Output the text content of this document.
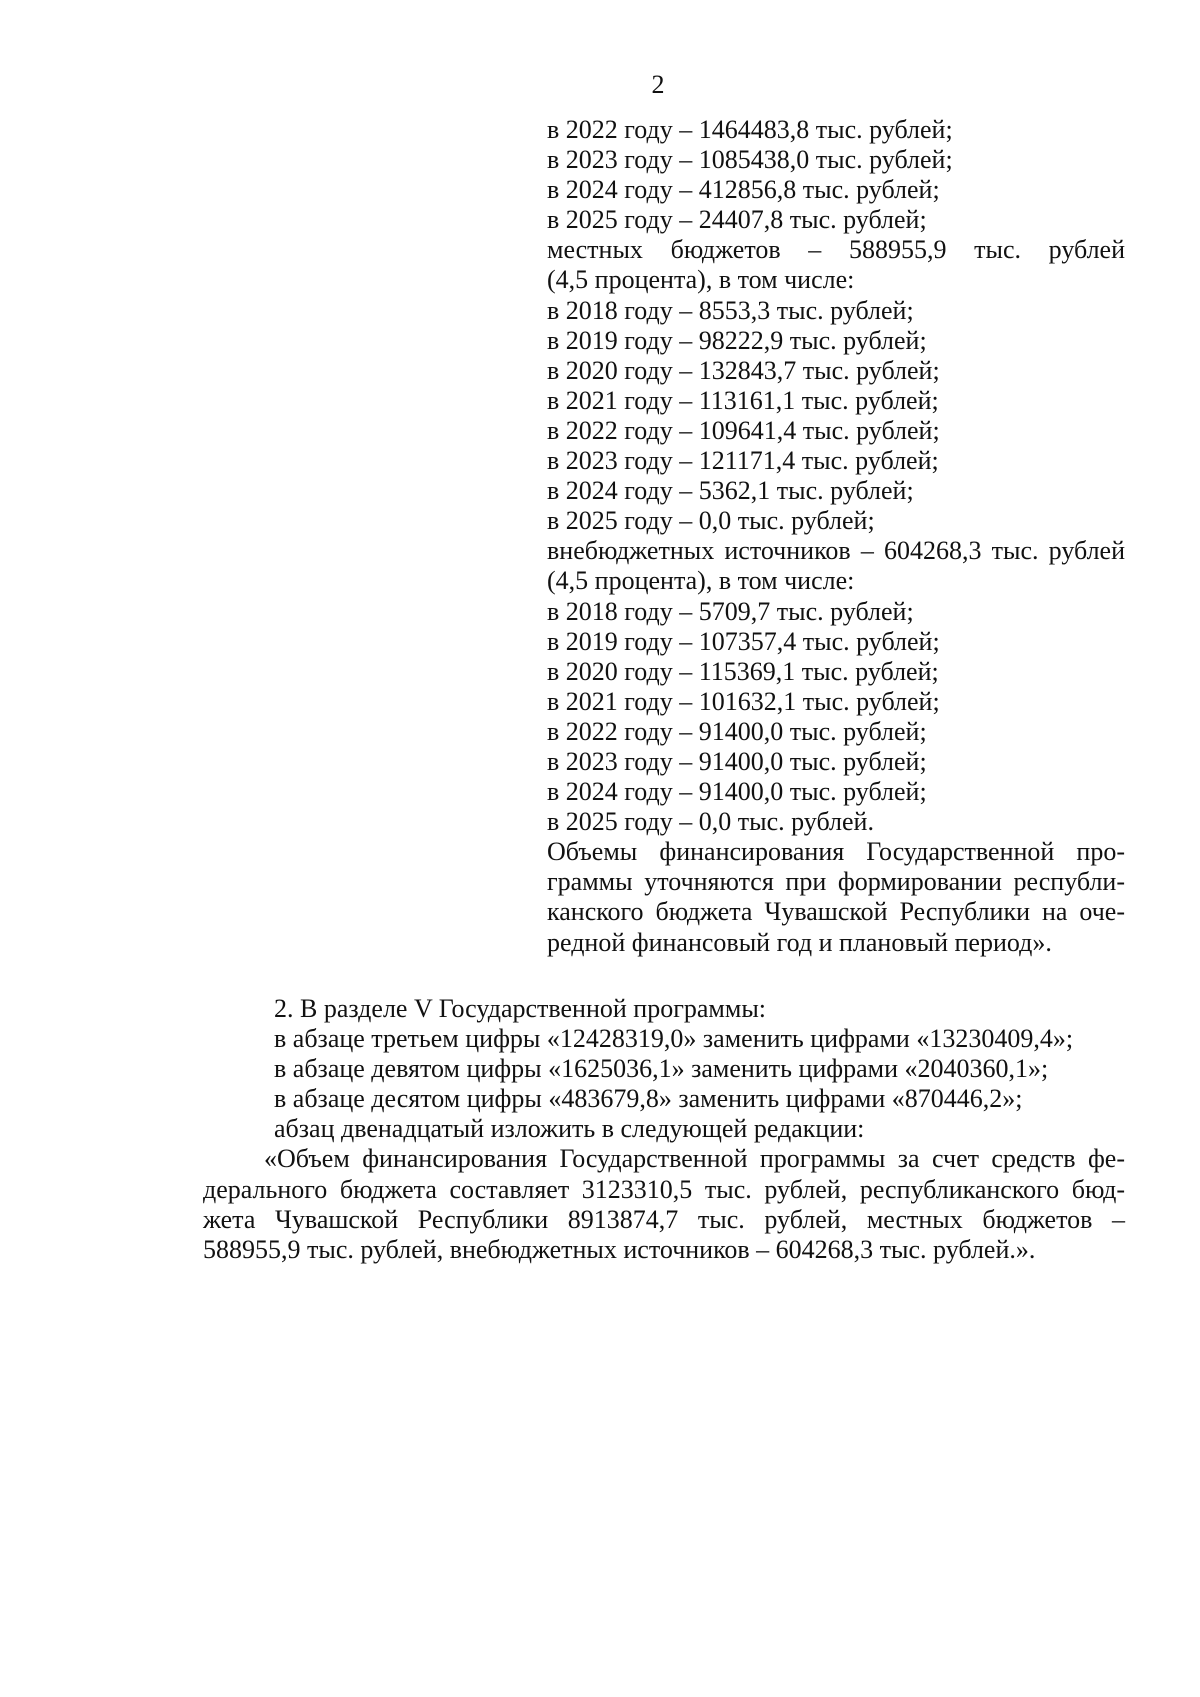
2
в 2022 году – 1464483,8 тыс. рублей;
в 2023 году – 1085438,0 тыс. рублей;
в 2024 году – 412856,8 тыс. рублей;
в 2025 году – 24407,8 тыс. рублей;
местных бюджетов – 588955,9 тыс. рублей
(4,5 процента), в том числе:
в 2018 году – 8553,3 тыс. рублей;
в 2019 году – 98222,9 тыс. рублей;
в 2020 году – 132843,7 тыс. рублей;
в 2021 году – 113161,1 тыс. рублей;
в 2022 году – 109641,4 тыс. рублей;
в 2023 году – 121171,4 тыс. рублей;
в 2024 году – 5362,1 тыс. рублей;
в 2025 году – 0,0 тыс. рублей;
внебюджетных источников – 604268,3 тыс. рублей
(4,5 процента), в том числе:
в 2018 году – 5709,7 тыс. рублей;
в 2019 году – 107357,4 тыс. рублей;
в 2020 году – 115369,1 тыс. рублей;
в 2021 году – 101632,1 тыс. рублей;
в 2022 году – 91400,0 тыс. рублей;
в 2023 году – 91400,0 тыс. рублей;
в 2024 году – 91400,0 тыс. рублей;
в 2025 году – 0,0 тыс. рублей.
Объемы финансирования Государственной про-
граммы уточняются при формировании республи-
канского бюджета Чувашской Республики на оче-
редной финансовый год и плановый период».
2. В разделе V Государственной программы:
в абзаце третьем цифры «12428319,0» заменить цифрами «13230409,4»;
в абзаце девятом цифры «1625036,1» заменить цифрами «2040360,1»;
в абзаце десятом цифры «483679,8» заменить цифрами «870446,2»;
абзац двенадцатый изложить в следующей редакции:
«Объем финансирования Государственной программы за счет средств фе-
дерального бюджета составляет 3123310,5 тыс. рублей, республиканского бюд-
жета Чувашской Республики 8913874,7 тыс. рублей, местных бюджетов –
588955,9 тыс. рублей, внебюджетных источников – 604268,3 тыс. рублей.».
